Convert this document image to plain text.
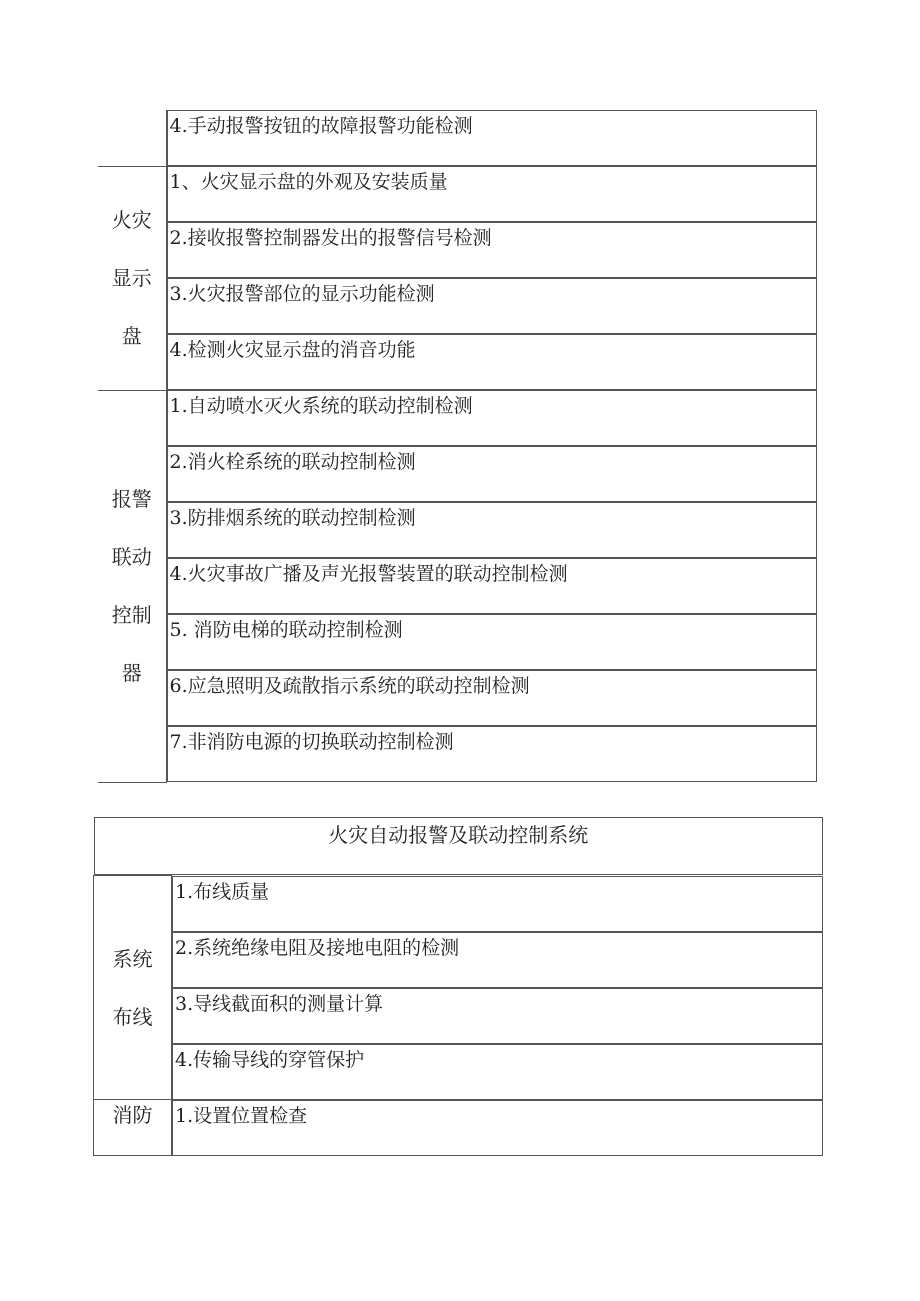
	4.手动报警按钮的故障报警功能检测

火灾
显示
盘	1、火灾显示盘的外观及安装质量

	2.接收报警控制器发出的报警信号检测

	3.火灾报警部位的显示功能检测

	4.检测火灾显示盘的消音功能

报警
联动
控制
器	1.自动喷水灭火系统的联动控制检测

	2.消火栓系统的联动控制检测

	3.防排烟系统的联动控制检测

	4.火灾事故广播及声光报警装置的联动控制检测

	5. 消防电梯的联动控制检测

	6.应急照明及疏散指示系统的联动控制检测

	7.非消防电源的切换联动控制检测
火灾自动报警及联动控制系统	

系统
布线	1.布线质量

	2.系统绝缘电阻及接地电阻的检测

	3.导线截面积的测量计算

	4.传输导线的穿管保护

消防	1.设置位置检查
